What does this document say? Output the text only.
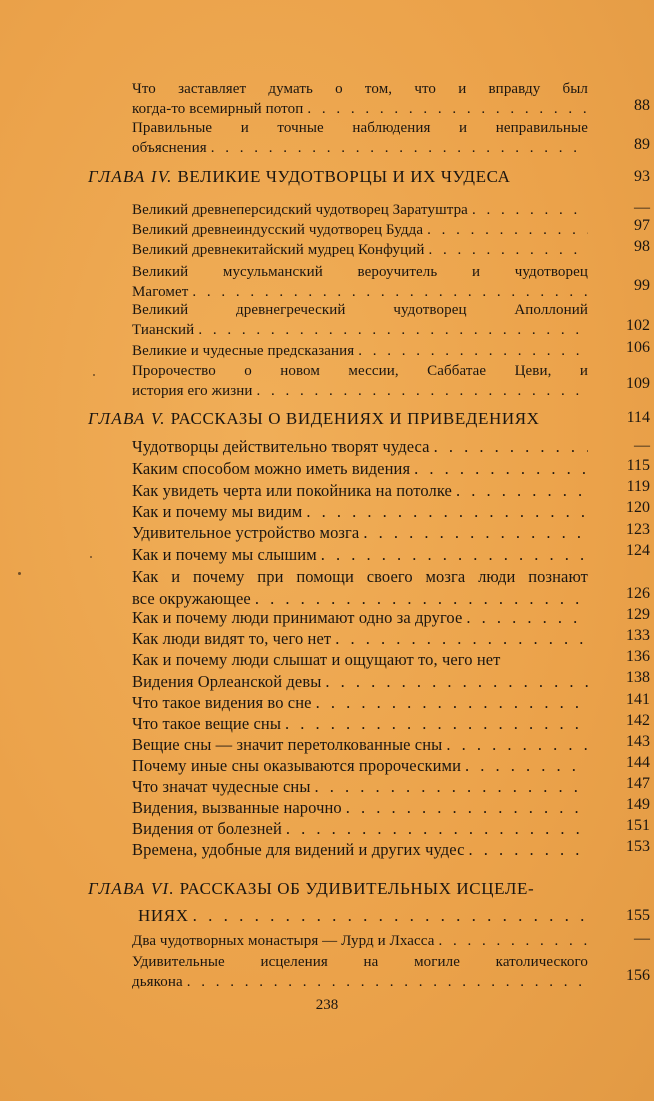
Что заставляет думать о том, что и вправду был
когда-то всемирный потоп . . .	88
Правильные и точные наблюдения и неправильные
объяснения . . .	89
ГЛАВА IV. ВЕЛИКИЕ ЧУДОТВОРЦЫ И ИХ ЧУДЕСА	93
Великий древнеперсидский чудотворец Заратуштра . . .	—
Великий древнеиндусский чудотворец Будда . . .	97
Великий древнекитайский мудрец Конфуций . . .	98
Великий мусульманский вероучитель и чудотворец
Магомет . . .	99
Великий древнегреческий чудотворец Аполлоний
Тианский . . .	102
Великие и чудесные предсказания . . .	106
Пророчество о новом мессии, Саббатае Цеви, и
история его жизни . . .	109
ГЛАВА V. РАССКАЗЫ О ВИДЕНИЯХ И ПРИВЕДЕНИЯХ	114
Чудотворцы действительно творят чудеса . . .	—
Каким способом можно иметь видения . . .	115
Как увидеть черта или покойника на потолке . . .	119
Как и почему мы видим . . .	120
Удивительное устройство мозга . . .	123
Как и почему мы слышим . . .	124
Как и почему при помощи своего мозга люди познают
все окружающее . . .	126
Как и почему люди принимают одно за другое . . .	129
Как люди видят то, чего нет . . .	133
Как и почему люди слышат и ощущают то, чего нет	136
Видения Орлеанской девы . . .	138
Что такое видения во сне . . .	141
Что такое вещие сны . . .	142
Вещие сны — значит перетолкованные сны . . .	143
Почему иные сны оказываются пророческими . . .	144
Что значат чудесные сны . . .	147
Видения, вызванные нарочно . . .	149
Видения от болезней . . .	151
Времена, удобные для видений и других чудес . . .	153
ГЛАВА VI. РАССКАЗЫ ОБ УДИВИТЕЛЬНЫХ ИСЦЕЛЕ-
НИЯХ . . .	155
Два чудотворных монастыря — Лурд и Лхасса . . .	—
Удивительные исцеления на могиле католического
дьякона . . .	156
238
